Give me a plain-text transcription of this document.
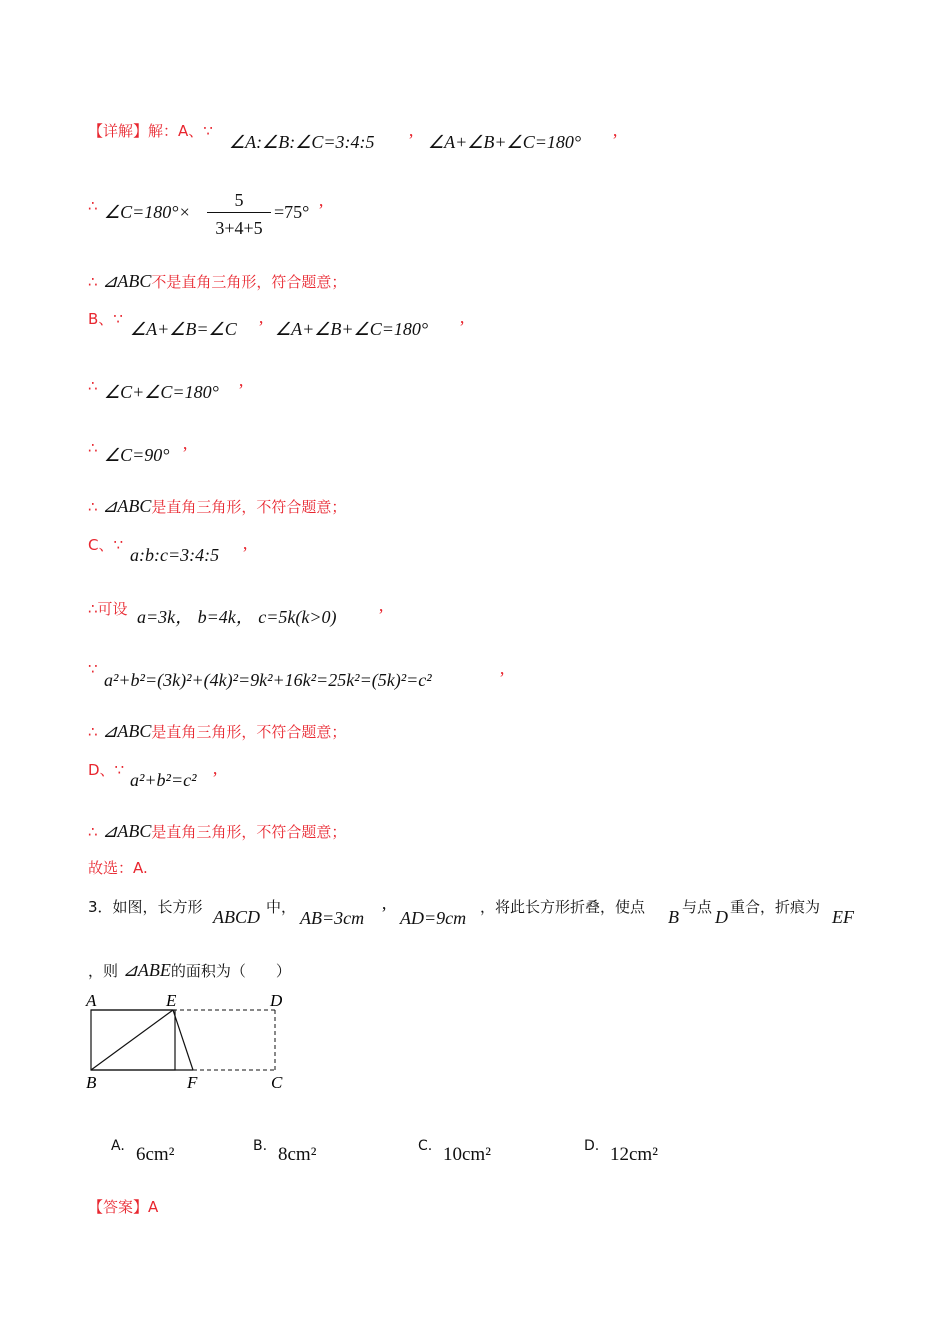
【详解】解：A、∵
∠A:∠B:∠C=3:4:5 ’ ∠A+∠B+∠C=180° ’
∴ ∠C=180°×
5
3+4+5
=75° ’
∴ ⊿ABC不是直角三角形，符合题意；
B、∵ ∠A+∠B=∠C ’ ∠A+∠B+∠C=180° ’
∴ ∠C+∠C=180° ’
∴ ∠C=90° ’
∴ ⊿ABC是直角三角形，不符合题意；
C、∵ a:b:c=3:4:5 ’
∴可设 a=3k， b=4k， c=5k(k>0) ’
∵
a²+b²=(3k)²+(4k)²=9k²+16k²=25k²=(5k)²=c²	’
∴ ⊿ABC是直角三角形，不符合题意；
D、∵ a²+b²=c² ’
∴ ⊿ABC是直角三角形，不符合题意；
故选：A.
3．如图，长方形 ABCD 中，
AB=3cm ’ AD=9cm
，将此长方形折叠，使点 B 与点 D 重合，折痕为 EF
，则 ⊿ABE的面积为（　　）
A	E	D
B	F	C
A. 6cm²	B. 8cm²	C. 10cm²	D. 12cm²
【答案】A
